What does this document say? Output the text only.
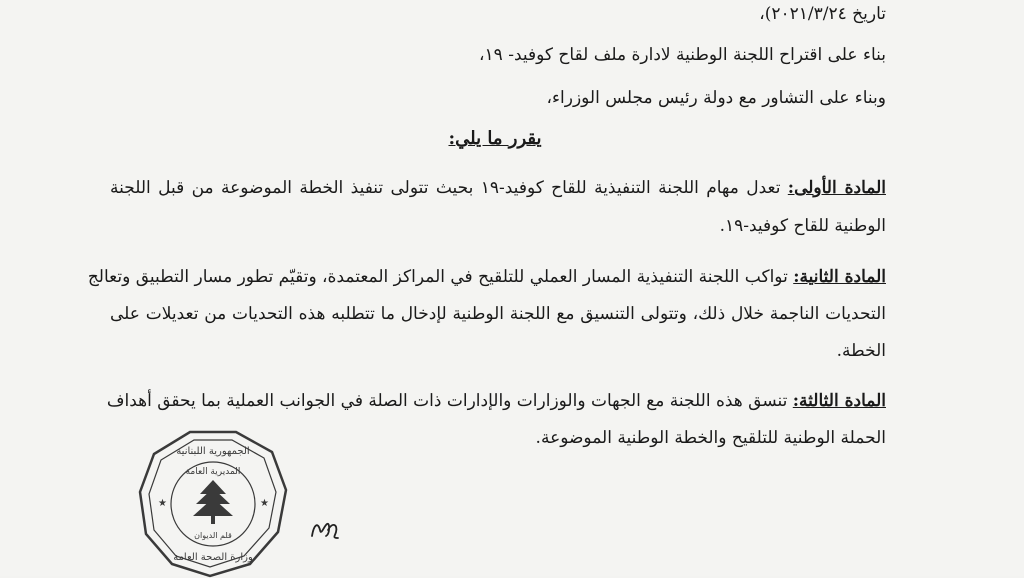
تاريخ ٢٠٢١/٣/٢٤)،
بناء على اقتراح اللجنة الوطنية لادارة ملف لقاح كوفيد- ١٩،
وبناء على التشاور مع دولة رئيس مجلس الوزراء،
يقرر ما يلي:
المادة الأولى: تعدل مهام اللجنة التنفيذية للقاح كوفيد-١٩ بحيث تتولى تنفيذ الخطة الموضوعة من قبل اللجنة
الوطنية للقاح كوفيد-١٩.
المادة الثانية: تواكب اللجنة التنفيذية المسار العملي للتلقيح في المراكز المعتمدة، وتقيّم تطور مسار التطبيق وتعالج
التحديات الناجمة خلال ذلك، وتتولى التنسيق مع اللجنة الوطنية لإدخال ما تتطلبه هذه التحديات من تعديلات على
الخطة.
المادة الثالثة: تنسق هذه اللجنة مع الجهات والوزارات والإدارات ذات الصلة في الجوانب العملية بما يحقق أهداف
الحملة الوطنية للتلقيح والخطة الوطنية الموضوعة.
★	★
الجمهورية اللبنانية
المديرية العامة
قلم الديوان
وزارة الصحة العامة
